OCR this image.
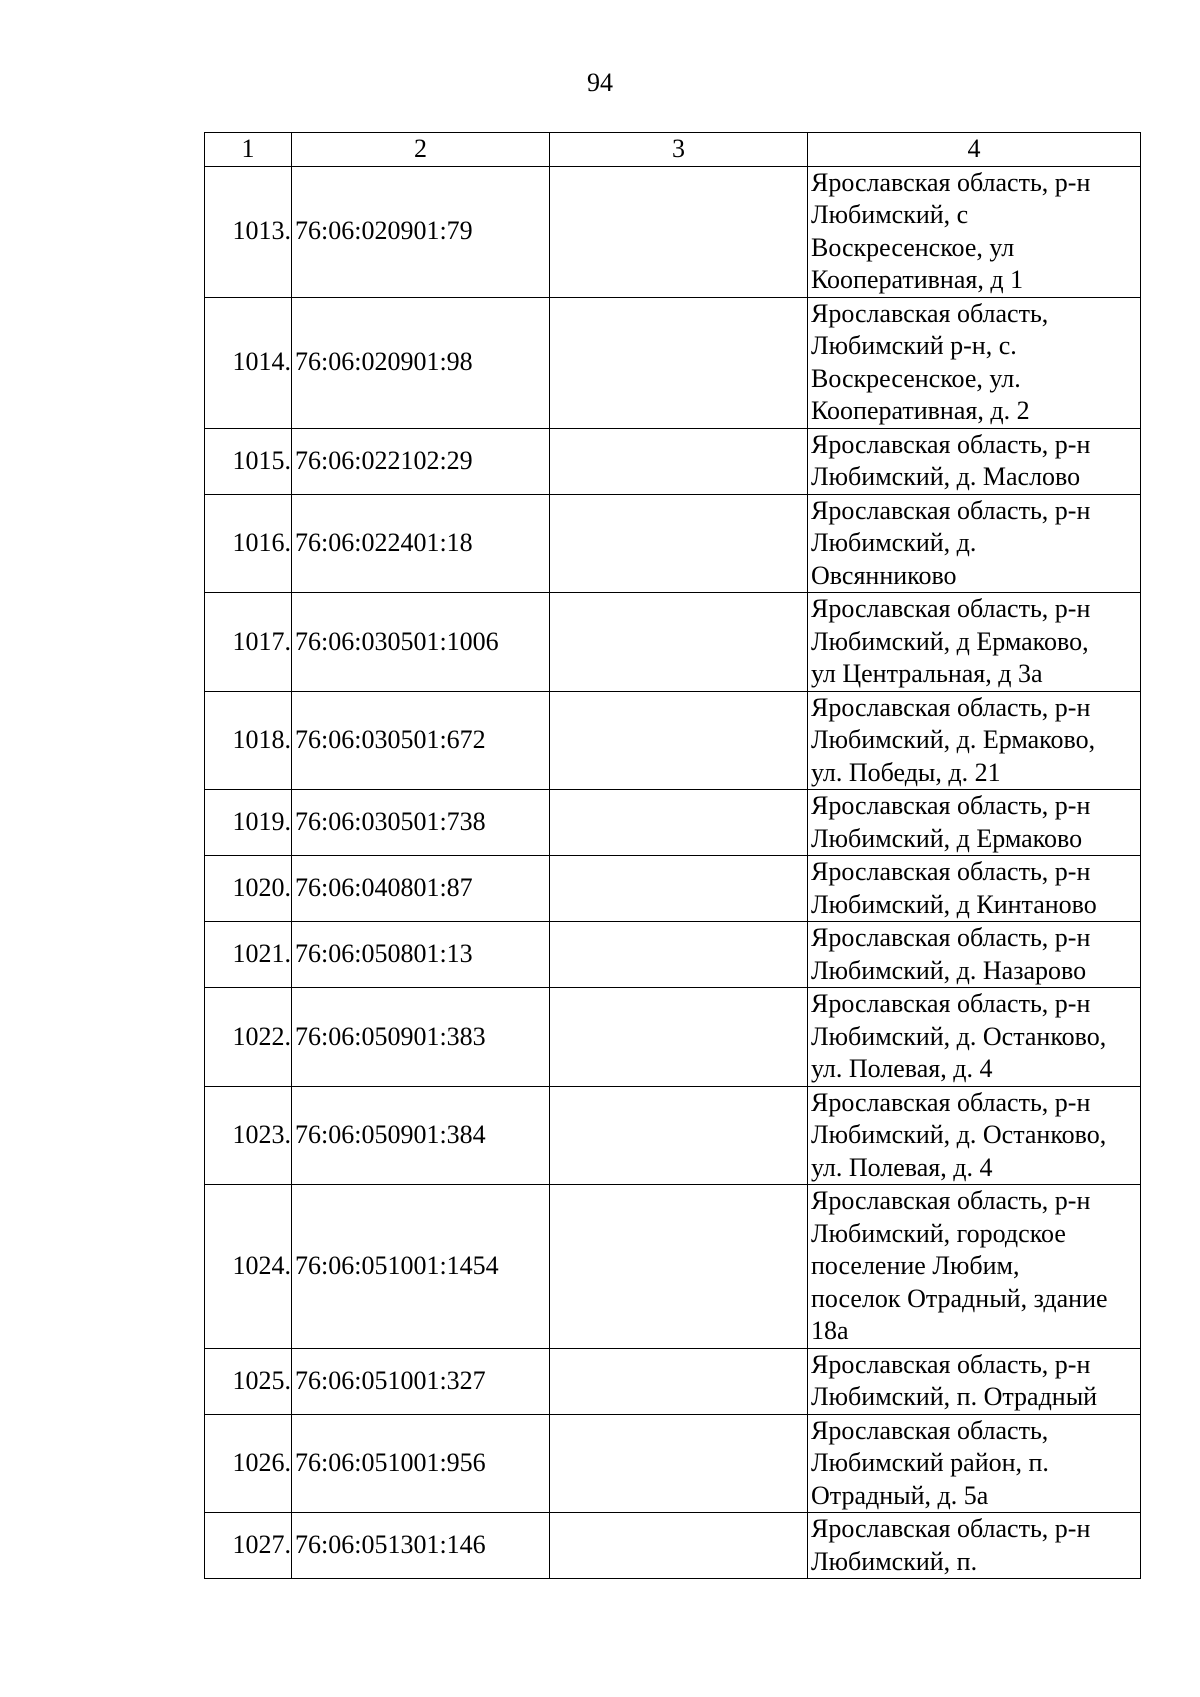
94
1	2	3	4
1013.	76:06:020901:79		Ярославская область, р-н
Любимский, с
Воскресенское, ул
Кооперативная, д 1
1014.	76:06:020901:98		Ярославская область,
Любимский р-н, с.
Воскресенское, ул.
Кооперативная, д. 2
1015.	76:06:022102:29		Ярославская область, р-н
Любимский, д. Маслово
1016.	76:06:022401:18		Ярославская область, р-н
Любимский, д.
Овсянниково
1017.	76:06:030501:1006		Ярославская область, р-н
Любимский, д Ермаково,
ул Центральная, д 3а
1018.	76:06:030501:672		Ярославская область, р-н
Любимский, д. Ермаково,
ул. Победы, д. 21
1019.	76:06:030501:738		Ярославская область, р-н
Любимский, д Ермаково
1020.	76:06:040801:87		Ярославская область, р-н
Любимский, д Кинтаново
1021.	76:06:050801:13		Ярославская область, р-н
Любимский, д. Назарово
1022.	76:06:050901:383		Ярославская область, р-н
Любимский, д. Останково,
ул. Полевая, д. 4
1023.	76:06:050901:384		Ярославская область, р-н
Любимский, д. Останково,
ул. Полевая, д. 4
1024.	76:06:051001:1454		Ярославская область, р-н
Любимский, городское
поселение Любим,
поселок Отрадный, здание
18а
1025.	76:06:051001:327		Ярославская область, р-н
Любимский, п. Отрадный
1026.	76:06:051001:956		Ярославская область,
Любимский район, п.
Отрадный, д. 5а
1027.	76:06:051301:146		Ярославская область, р-н
Любимский, п.
